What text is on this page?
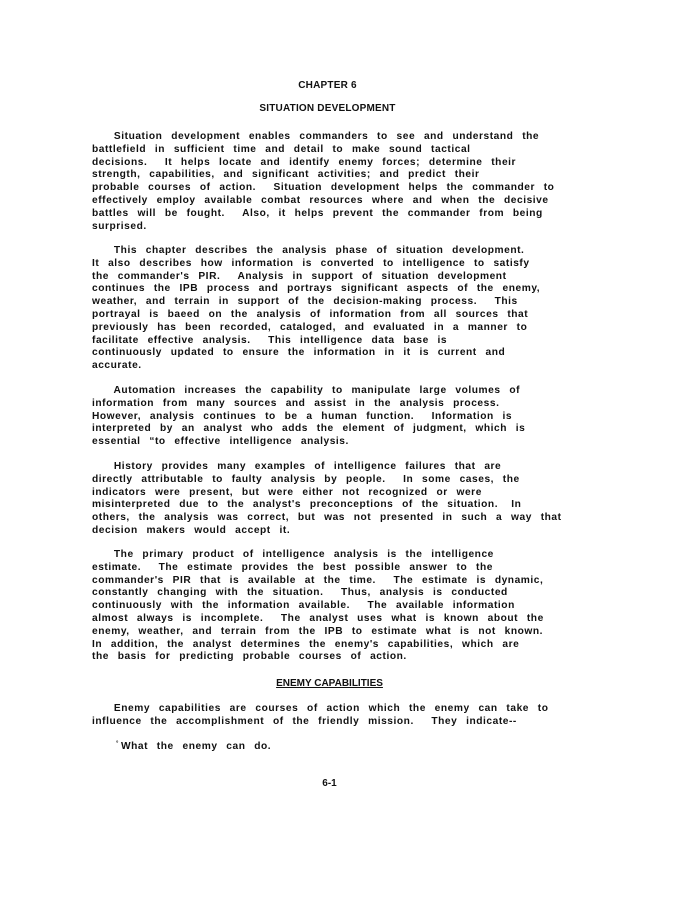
CHAPTER 6
SITUATION DEVELOPMENT
Situation  development  enables  commanders  to  see  and  understand  the
battlefield  in  sufficient  time  and  detail  to  make  sound  tactical
decisions.    It  helps  locate  and  identify  enemy  forces;  determine  their
strength,  capabilities,  and  significant  activities;  and  predict  their
probable  courses  of  action.    Situation  development  helps  the  commander  to
effectively  employ  available  combat  resources  where  and  when  the  decisive
battles  will  be  fought.    Also,  it  helps  prevent  the  commander  from  being
surprised.
This  chapter  describes  the  analysis  phase  of  situation  development.
It  also  describes  how  information  is  converted  to  intelligence  to  satisfy
the  commander's  PIR.    Analysis  in  support  of  situation  development
continues  the  IPB  process  and  portrays  significant  aspects  of  the  enemy,
weather,  and  terrain  in  support  of  the  decision-making  process.    This
portrayal  is  baeed  on  the  analysis  of  information  from  all  sources  that
previously  has  been  recorded,  cataloged,  and  evaluated  in  a  manner  to
facilitate  effective  analysis.    This  intelligence  data  base  is
continuously  updated  to  ensure  the  information  in  it  is  current  and
accurate.
Automation  increases  the  capability  to  manipulate  large  volumes  of
information  from  many  sources  and  assist  in  the  analysis  process.
However,  analysis  continues  to  be  a  human  function.    Information  is
interpreted  by  an  analyst  who  adds  the  element  of  judgment,  which  is
essential  “to  effective  intelligence  analysis.
History  provides  many  examples  of  intelligence  failures  that  are
directly  attributable  to  faulty  analysis  by  people.    In  some  cases,  the
indicators  were  present,  but  were  either  not  recognized  or  were
misinterpreted  due  to  the  analyst's  preconceptions  of  the  situation.   In
others,  the  analysis  was  correct,  but  was  not  presented  in  such  a  way  that
decision  makers  would  accept  it.
The  primary  product  of  intelligence  analysis  is  the  intelligence
estimate.    The  estimate  provides  the  best  possible  answer  to  the
commander's  PIR  that  is  available  at  the  time.    The  estimate  is  dynamic,
constantly  changing  with  the  situation.    Thus,  analysis  is  conducted
continuously  with  the  information  available.    The  available  information
almost  always  is  incomplete.    The  analyst  uses  what  is  known  about  the
enemy,  weather,  and  terrain  from  the  IPB  to  estimate  what  is  not  known.
In  addition,  the  analyst  determines  the  enemy's  capabilities,  which  are
the  basis  for  predicting  probable  courses  of  action.
ENEMY CAPABILITIES
Enemy  capabilities  are  courses  of  action  which  the  enemy  can  take  to
influence  the  accomplishment  of  the  friendly  mission.    They  indicate--
° What  the  enemy  can  do.
6-1
